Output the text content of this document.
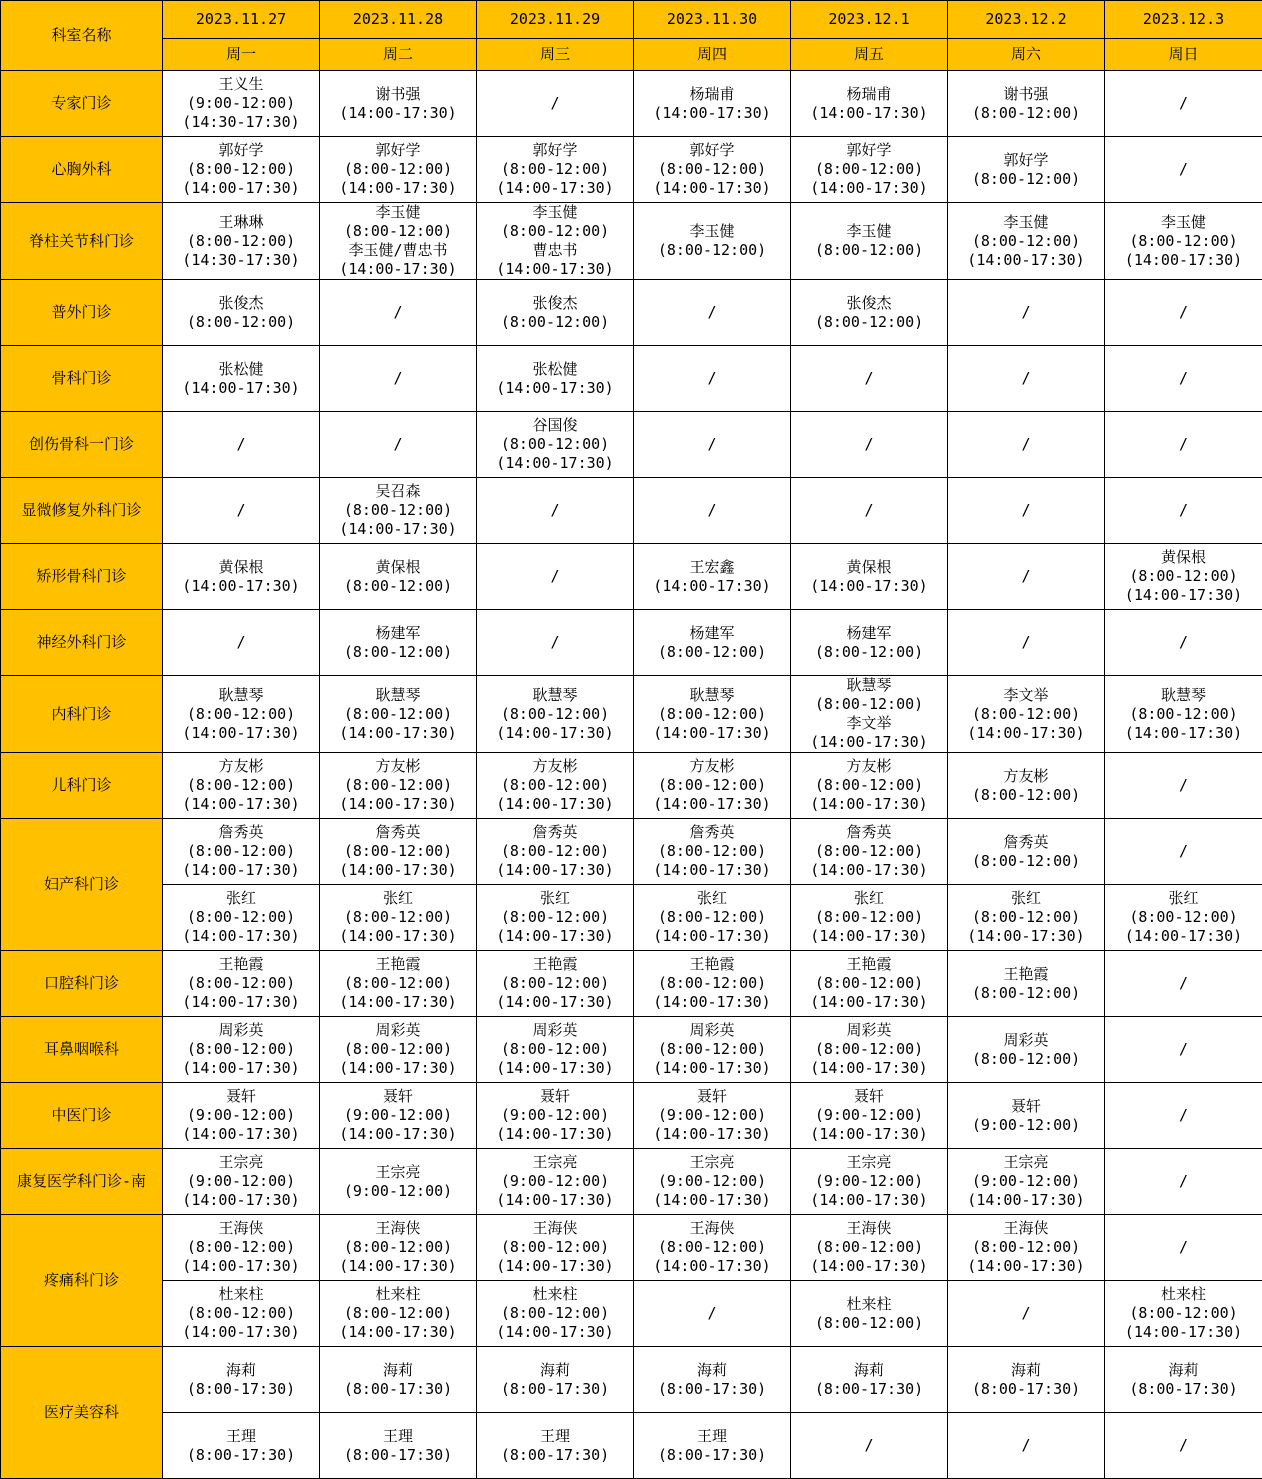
科室名称	2023.11.27	2023.11.28	2023.11.29	2023.11.30	2023.12.1	2023.12.2	2023.12.3
	周一	周二	周三	周四	周五	周六	周日
专家门诊	王义生
(9:00-12:00)
(14:30-17:30)	谢书强
(14:00-17:30)	/	杨瑞甫
(14:00-17:30)	杨瑞甫
(14:00-17:30)	谢书强
(8:00-12:00)	/

心胸外科	郭好学
(8:00-12:00)
(14:00-17:30)	郭好学
(8:00-12:00)
(14:00-17:30)	郭好学
(8:00-12:00)
(14:00-17:30)	郭好学
(8:00-12:00)
(14:00-17:30)	郭好学
(8:00-12:00)
(14:00-17:30)	郭好学
(8:00-12:00)	/

脊柱关节科门诊	王琳琳
(8:00-12:00)
(14:30-17:30)	李玉健
(8:00-12:00)
李玉健/曹忠书
(14:00-17:30)	李玉健
(8:00-12:00)
曹忠书
(14:00-17:30)	李玉健
(8:00-12:00)	李玉健
(8:00-12:00)	李玉健
(8:00-12:00)
(14:00-17:30)	李玉健
(8:00-12:00)
(14:00-17:30)

普外门诊	张俊杰
(8:00-12:00)	/	张俊杰
(8:00-12:00)	/	张俊杰
(8:00-12:00)	/	/

骨科门诊	张松健
(14:00-17:30)	/	张松健
(14:00-17:30)	/	/	/	/

创伤骨科一门诊	/	/	谷国俊
(8:00-12:00)
(14:00-17:30)	/	/	/	/

显微修复外科门诊	/	吴召森
(8:00-12:00)
(14:00-17:30)	/	/	/	/	/

矫形骨科门诊	黄保根
(14:00-17:30)	黄保根
(8:00-12:00)	/	王宏鑫
(14:00-17:30)	黄保根
(14:00-17:30)	/	黄保根
(8:00-12:00)
(14:00-17:30)

神经外科门诊	/	杨建军
(8:00-12:00)	/	杨建军
(8:00-12:00)	杨建军
(8:00-12:00)	/	/

内科门诊	耿慧琴
(8:00-12:00)
(14:00-17:30)	耿慧琴
(8:00-12:00)
(14:00-17:30)	耿慧琴
(8:00-12:00)
(14:00-17:30)	耿慧琴
(8:00-12:00)
(14:00-17:30)	耿慧琴
(8:00-12:00)
李文举
(14:00-17:30)	李文举
(8:00-12:00)
(14:00-17:30)	耿慧琴
(8:00-12:00)
(14:00-17:30)

儿科门诊	方友彬
(8:00-12:00)
(14:00-17:30)	方友彬
(8:00-12:00)
(14:00-17:30)	方友彬
(8:00-12:00)
(14:00-17:30)	方友彬
(8:00-12:00)
(14:00-17:30)	方友彬
(8:00-12:00)
(14:00-17:30)	方友彬
(8:00-12:00)	/

妇产科门诊	詹秀英
(8:00-12:00)
(14:00-17:30)	詹秀英
(8:00-12:00)
(14:00-17:30)	詹秀英
(8:00-12:00)
(14:00-17:30)	詹秀英
(8:00-12:00)
(14:00-17:30)	詹秀英
(8:00-12:00)
(14:00-17:30)	詹秀英
(8:00-12:00)	/

	张红
(8:00-12:00)
(14:00-17:30)	张红
(8:00-12:00)
(14:00-17:30)	张红
(8:00-12:00)
(14:00-17:30)	张红
(8:00-12:00)
(14:00-17:30)	张红
(8:00-12:00)
(14:00-17:30)	张红
(8:00-12:00)
(14:00-17:30)	张红
(8:00-12:00)
(14:00-17:30)

口腔科门诊	王艳霞
(8:00-12:00)
(14:00-17:30)	王艳霞
(8:00-12:00)
(14:00-17:30)	王艳霞
(8:00-12:00)
(14:00-17:30)	王艳霞
(8:00-12:00)
(14:00-17:30)	王艳霞
(8:00-12:00)
(14:00-17:30)	王艳霞
(8:00-12:00)	/

耳鼻咽喉科	周彩英
(8:00-12:00)
(14:00-17:30)	周彩英
(8:00-12:00)
(14:00-17:30)	周彩英
(8:00-12:00)
(14:00-17:30)	周彩英
(8:00-12:00)
(14:00-17:30)	周彩英
(8:00-12:00)
(14:00-17:30)	周彩英
(8:00-12:00)	/

中医门诊	聂轩
(9:00-12:00)
(14:00-17:30)	聂轩
(9:00-12:00)
(14:00-17:30)	聂轩
(9:00-12:00)
(14:00-17:30)	聂轩
(9:00-12:00)
(14:00-17:30)	聂轩
(9:00-12:00)
(14:00-17:30)	聂轩
(9:00-12:00)	/

康复医学科门诊-南	王宗亮
(9:00-12:00)
(14:00-17:30)	王宗亮
(9:00-12:00)	王宗亮
(9:00-12:00)
(14:00-17:30)	王宗亮
(9:00-12:00)
(14:00-17:30)	王宗亮
(9:00-12:00)
(14:00-17:30)	王宗亮
(9:00-12:00)
(14:00-17:30)	/

疼痛科门诊	王海侠
(8:00-12:00)
(14:00-17:30)	王海侠
(8:00-12:00)
(14:00-17:30)	王海侠
(8:00-12:00)
(14:00-17:30)	王海侠
(8:00-12:00)
(14:00-17:30)	王海侠
(8:00-12:00)
(14:00-17:30)	王海侠
(8:00-12:00)
(14:00-17:30)	/

	杜来柱
(8:00-12:00)
(14:00-17:30)	杜来柱
(8:00-12:00)
(14:00-17:30)	杜来柱
(8:00-12:00)
(14:00-17:30)	/	杜来柱
(8:00-12:00)	/	杜来柱
(8:00-12:00)
(14:00-17:30)

医疗美容科	海莉
(8:00-17:30)	海莉
(8:00-17:30)	海莉
(8:00-17:30)	海莉
(8:00-17:30)	海莉
(8:00-17:30)	海莉
(8:00-17:30)	海莉
(8:00-17:30)

	王理
(8:00-17:30)	王理
(8:00-17:30)	王理
(8:00-17:30)	王理
(8:00-17:30)	/	/	/
